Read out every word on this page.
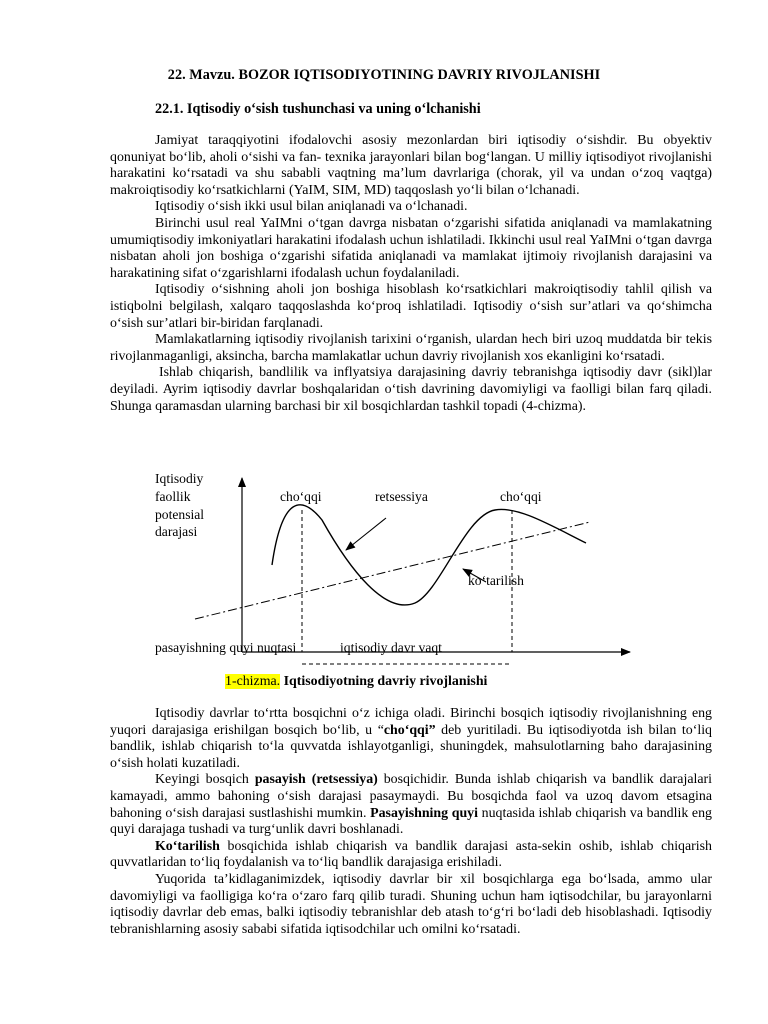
22. Mavzu. BOZOR IQTISODIYOTINING DAVRIY RIVOJLANISHI
22.1. Iqtisodiy o‘sish tushunchasi va uning o‘lchanishi

Jamiyat taraqqiyotini ifodalovchi asosiy mezonlardan biri iqtisodiy o‘sishdir. Bu obyektiv qonuniyat bo‘lib, aholi o‘sishi va fan- texnika jarayonlari bilan bog‘langan. U milliy iqtisodiyot rivojlanishi harakatini ko‘rsatadi va shu sababli vaqtning ma’lum davrlariga (chorak, yil va undan o‘zoq vaqtga) makroiqtisodiy ko‘rsatkichlarni (YaIM, SIM, MD) taqqoslash yo‘li bilan o‘lchanadi.

Iqtisodiy o‘sish ikki usul bilan aniqlanadi va o‘lchanadi.

Birinchi usul real YaIMni o‘tgan davrga nisbatan o‘zgarishi sifatida aniqlanadi va mamlakatning umumiqtisodiy imkoniyatlari harakatini ifodalash uchun ishlatiladi. Ikkinchi usul real YaIMni o‘tgan davrga nisbatan aholi jon boshiga o‘zgarishi sifatida aniqlanadi va mamlakat ijtimoiy rivojlanish darajasini va harakatining sifat o‘zgarishlarni ifodalash uchun foydalaniladi.

Iqtisodiy o‘sishning aholi jon boshiga hisoblash ko‘rsatkichlari makroiqtisodiy tahlil qilish va istiqbolni belgilash, xalqaro taqqoslashda ko‘proq ishlatiladi. Iqtisodiy o‘sish sur’atlari va qo‘shimcha o‘sish sur’atlari bir-biridan farqlanadi.

Mamlakatlarning iqtisodiy rivojlanish tarixini o‘rganish, ulardan hech biri uzoq muddatda bir tekis rivojlanmaganligi, aksincha, barcha mamlakatlar uchun davriy rivojlanish xos ekanligini ko‘rsatadi.

Ishlab chiqarish, bandlilik va inflyatsiya darajasining davriy tebranishga iqtisodiy davr (sikl)lar deyiladi. Ayrim iqtisodiy davrlar boshqalaridan o‘tish davrining davomiyligi va faolligi bilan farq qiladi. Shunga qaramasdan ularning barchasi bir xil bosqichlardan tashkil topadi (4-chizma).

Iqtisodiy
faollik
potensial
darajasi
cho‘qqi	retsessiya	cho‘qqi
ko‘tarilish
pasayishning quyi nuqtasi	iqtisodiy davr vaqt
1-chizma. Iqtisodiyotning davriy rivojlanishi

Iqtisodiy davrlar to‘rtta bosqichni o‘z ichiga oladi. Birinchi bosqich iqtisodiy rivojlanishning eng yuqori darajasiga erishilgan bosqich bo‘lib, u “cho‘qqi” deb yuritiladi. Bu iqtisodiyotda ish bilan to‘liq bandlik, ishlab chiqarish to‘la quvvatda ishlayotganligi, shuningdek, mahsulotlarning baho darajasining o‘sish holati kuzatiladi.

Keyingi bosqich pasayish (retsessiya) bosqichidir. Bunda ishlab chiqarish va bandlik darajalari kamayadi, ammo bahoning o‘sish darajasi pasaymaydi. Bu bosqichda faol va uzoq davom etsagina bahoning o‘sish darajasi sustlashishi mumkin. Pasayishning quyi nuqtasida ishlab chiqarish va bandlik eng quyi darajaga tushadi va turg‘unlik davri boshlanadi.

Ko‘tarilish bosqichida ishlab chiqarish va bandlik darajasi asta-sekin oshib, ishlab chiqarish quvvatlaridan to‘liq foydalanish va to‘liq bandlik darajasiga erishiladi.

Yuqorida ta’kidlaganimizdek, iqtisodiy davrlar bir xil bosqichlarga ega bo‘lsada, ammo ular davomiyligi va faolligiga ko‘ra o‘zaro farq qilib turadi. Shuning uchun ham iqtisodchilar, bu jarayonlarni iqtisodiy davrlar deb emas, balki iqtisodiy tebranishlar deb atash to‘g‘ri bo‘ladi deb hisoblashadi. Iqtisodiy tebranishlarning asosiy sababi sifatida iqtisodchilar uch omilni ko‘rsatadi.
